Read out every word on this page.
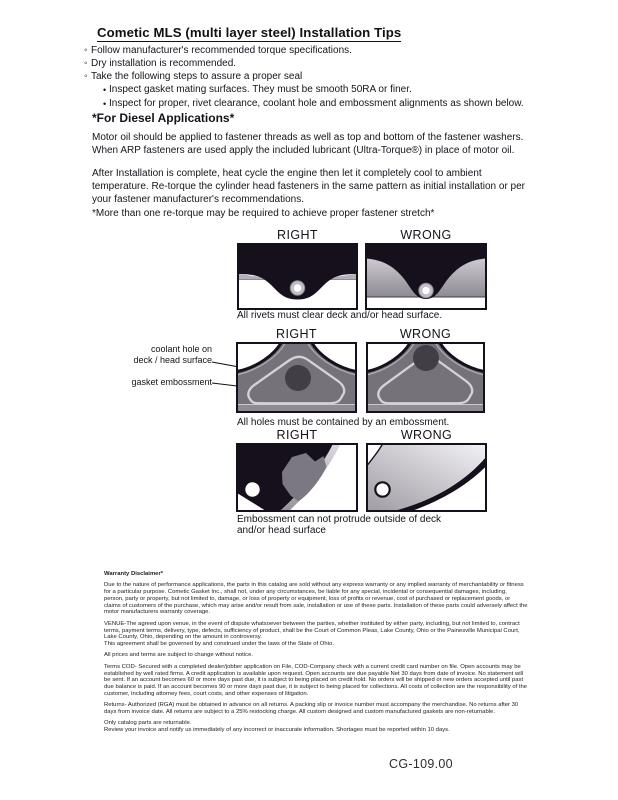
Cometic MLS (multi layer steel) Installation Tips
◦
Follow manufacturer's recommended torque specifications.
◦
Dry installation is recommended.
◦
Take the following steps to assure a proper seal
•
Inspect gasket mating surfaces. They must be smooth 50RA or finer.
•
Inspect for proper, rivet clearance, coolant hole and embossment alignments as shown below.
*For Diesel Applications*
Motor oil should be applied to fastener threads as well as top and bottom of the fastener washers. When ARP fasteners are used apply the included lubricant (Ultra-Torque®) in place of motor oil.
After Installation is complete, heat cycle the engine then let it completely cool to ambient temperature. Re-torque the cylinder head fasteners in the same pattern as initial installation or per your fastener manufacturer's recommendations.
*More than one re-torque may be required to achieve proper fastener stretch*
RIGHT	WRONG
All rivets must clear deck and/or head surface.
RIGHT	WRONG
coolant hole on
deck / head surface
gasket embossment
All holes must be contained by an embossment.
RIGHT	WRONG
Embossment can not protrude outside of deck
and/or head surface
Warranty Disclaimer*

Due to the nature of performance applications, the parts in this catalog are sold without any express warranty or any implied warranty of merchantability or fitness for a particular purpose. Cometic Gasket Inc., shall not, under any circumstances, be liable for any special, incidental or consequential damages, including, person, party or property, but not limited to, damage, or loss of property or equipment, loss of profits or revenue, cost of purchased or replacement goods, or claims of customers of the purchase, which may arise and/or result from sale, installation or use of these parts. Installation of these parts could adversely affect the motor manufacturers warranty coverage.

VENUE-The agreed upon venue, in the event of dispute whatsoever between the parties, whether instituted by either party, including, but not limited to, contract terms, payment terms, delivery, type, defects, sufficiency of product, shall be the Court of Common Pleas, Lake County, Ohio or the Painesville Municipal Court, Lake County, Ohio, depending on the amount in controversy.

This agreement shall be governed by and construed under the laws of the State of Ohio.

All prices and terms are subject to change without notice.

Terms COD- Secured with a completed dealer/jobber application on File, COD-Company check with a current credit card number on file. Open accounts may be established by well rated firms. A credit application is available upon request. Open accounts are due payable Net 30 days from date of invoice. No statement will be sent. If an account becomes 60 or more days past due, it is subject to being placed on credit hold. No orders will be shipped or new orders accepted until past due balance is paid. If an account becomes 90 or more days past due, it is subject to being placed for collections. All costs of collection are the responsibility of the customer, including attorney fees, court costs, and other expenses of litigation.

Returns- Authorized (RGA) must be obtained in advance on all returns. A packing slip or invoice number must accompany the merchandise. No returns after 30 days from invoice date. All returns are subject to a 25% restocking charge. All custom designed and custom manufactured gaskets are non-returnable.

Only catalog parts are returnable.

Review your invoice and notify us immediately of any incorrect or inaccurate information. Shortages must be reported within 10 days.

CG-109.00
